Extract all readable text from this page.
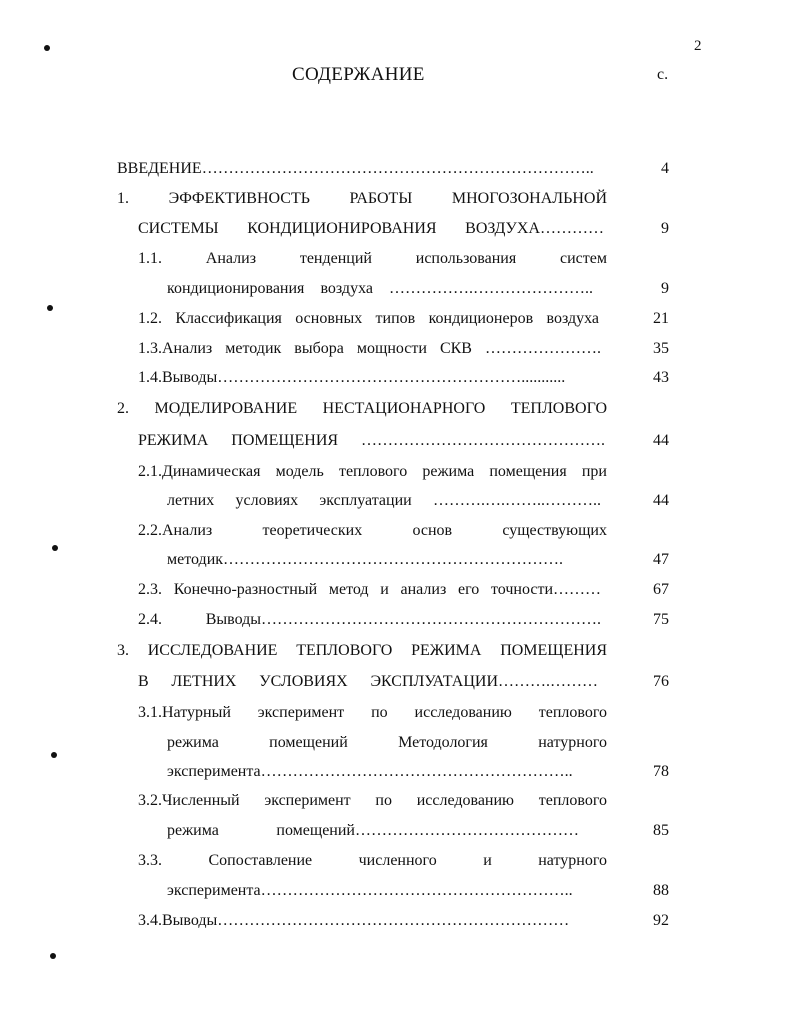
2
СОДЕРЖАНИЕ	с.
ВВЕДЕНИЕ………………………………………………………………..	4
1. ЭФФЕКТИВНОСТЬ РАБОТЫ МНОГОЗОНАЛЬНОЙ
СИСТЕМЫ КОНДИЦИОНИРОВАНИЯ ВОЗДУХА…………	9
1.1. Анализ тенденций использования систем
кондиционирования воздуха …………….…………………..	9
1.2. Классификация основных типов кондиционеров воздуха	21
1.3.Анализ методик выбора мощности СКВ ………………….	35
1.4.Выводы…………………………………………………...........	43
2. МОДЕЛИРОВАНИЕ НЕСТАЦИОНАРНОГО ТЕПЛОВОГО
РЕЖИМА ПОМЕЩЕНИЯ ……………………………………….	44
2.1.Динамическая модель теплового режима помещения при
летних условиях эксплуатации ……….….……..………..	44
2.2.Анализ теоретических основ существующих
методик……………………………………………………….	47
2.3. Конечно-разностный метод и анализ его точности………	67
2.4. Выводы……………………………………………………….	75
3. ИССЛЕДОВАНИЕ ТЕПЛОВОГО РЕЖИМА ПОМЕЩЕНИЯ
В ЛЕТНИХ УСЛОВИЯХ ЭКСПЛУАТАЦИИ……….………	76
3.1.Натурный эксперимент по исследованию теплового
режима помещений Методология натурного
эксперимента…………………………………………………..	78
3.2.Численный эксперимент по исследованию теплового
режима помещений……………………………………	85
3.3. Сопоставление численного и натурного
эксперимента…………………………………………………..	88
3.4.Выводы…………………………………………………………	92
